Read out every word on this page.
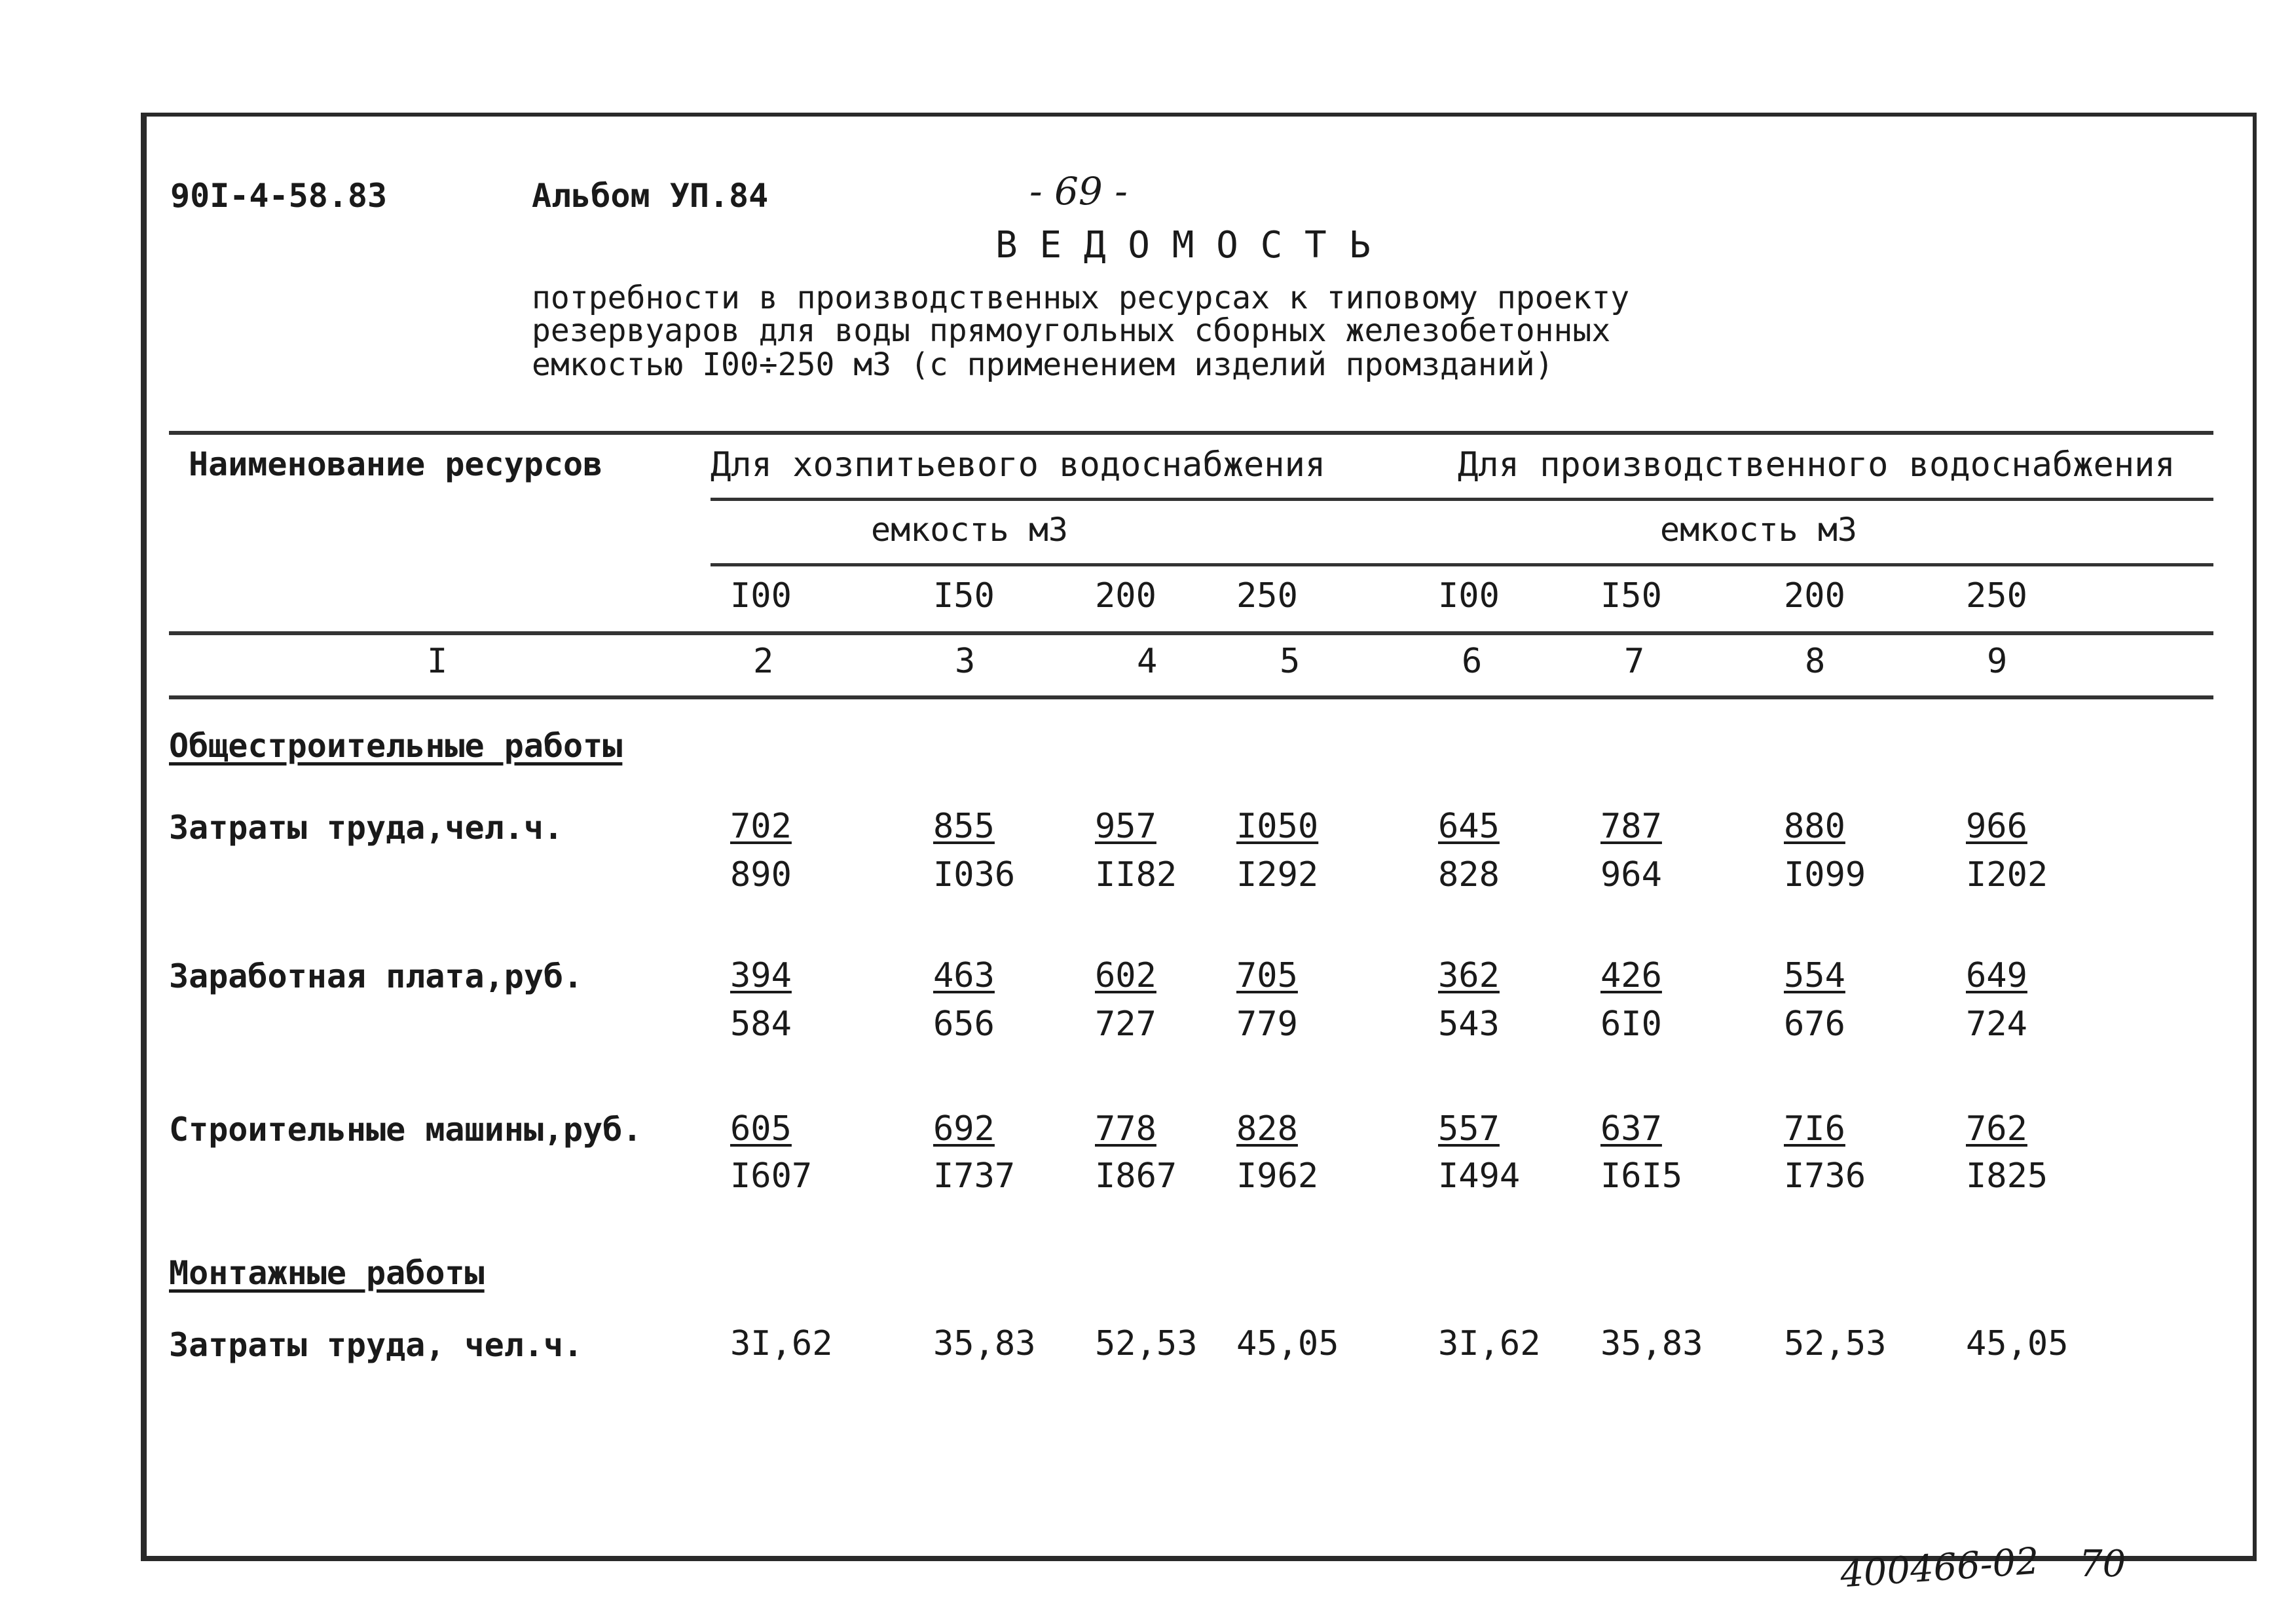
90I-4-58.83	Альбом УП.84	- 69 -
В Е Д О М О С Т Ь
потребности в производственных ресурсах к типовому проекту
резервуаров для воды прямоугольных сборных железобетонных
емкостью I00÷250 м3 (с применением изделий промзданий)
Наименование ресурсов	Для хозпитьевого водоснабжения	Для производственного водоснабжения
емкость м3	емкость м3
I00	I50	200 250	I00	I50	200	250
I	2	3	4	5	6	7	8	9
Общестроительные работы
Затраты труда,чел.ч.	702	855	957 I050	645	787	880	966
890	I036 II82 I292	828	964	I099	I202
Заработная плата,руб.	394	463	602 705	362	426	554	649
584	656	727 779	543	6I0	676	724
Строительные машины,руб.	605	692	778 828	557	637	7I6	762
I607	I737 I867 I962	I494 I6I5	I736	I825
Монтажные работы
Затраты труда, чел.ч.	3I,62	35,83 52,53 45,05	3I,62 35,83 52,53 45,05
400466-02 70
